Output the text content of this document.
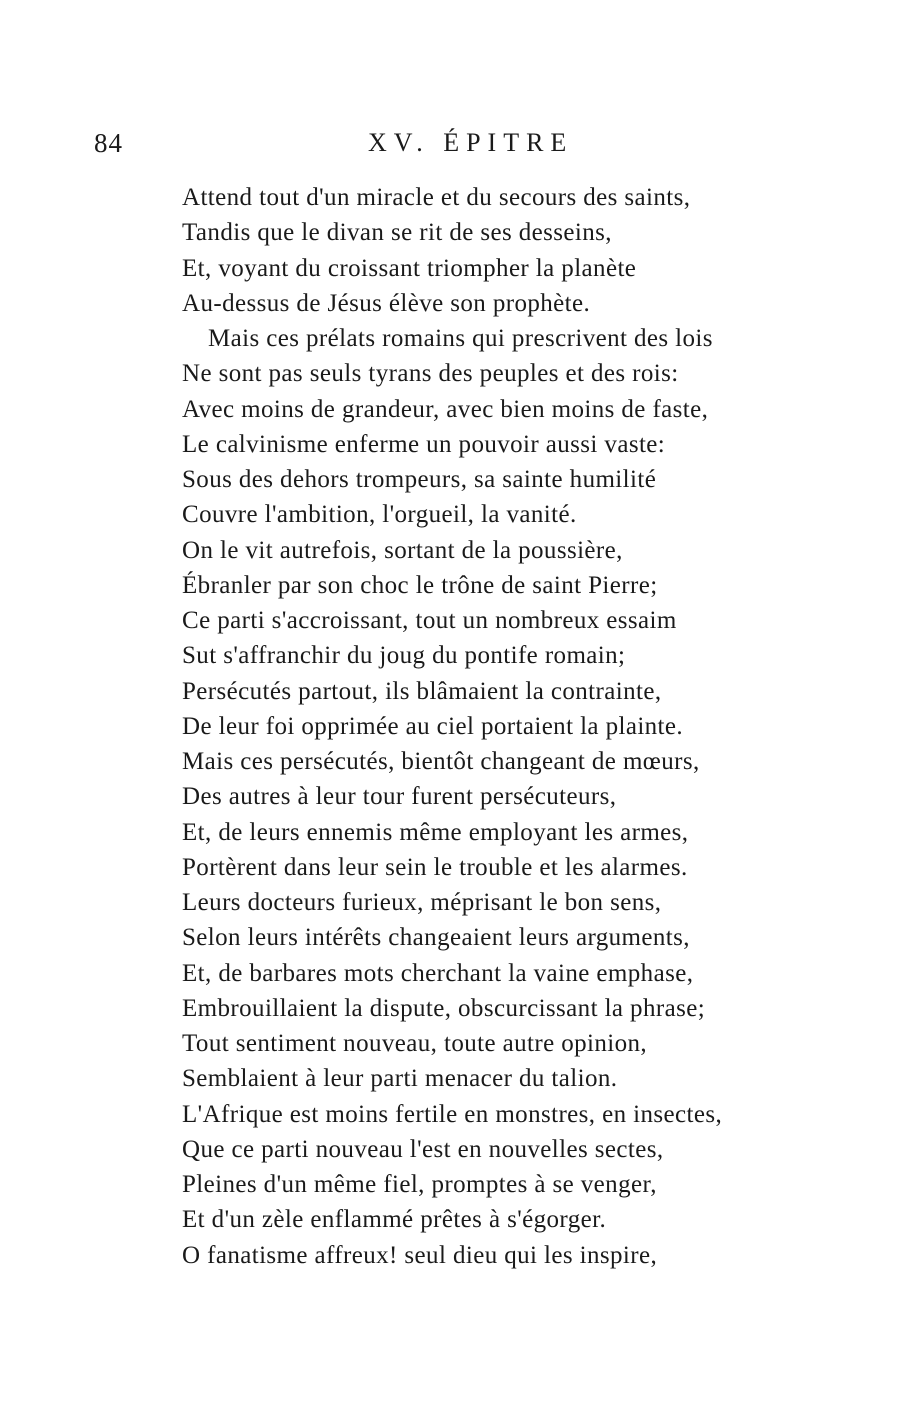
84	XV. ÉPITRE
Attend tout d'un miracle et du secours des saints,
Tandis que le divan se rit de ses desseins,
Et, voyant du croissant triompher la planète
Au-dessus de Jésus élève son prophète.
Mais ces prélats romains qui prescrivent des lois
Ne sont pas seuls tyrans des peuples et des rois:
Avec moins de grandeur, avec bien moins de faste,
Le calvinisme enferme un pouvoir aussi vaste:
Sous des dehors trompeurs, sa sainte humilité
Couvre l'ambition, l'orgueil, la vanité.
On le vit autrefois, sortant de la poussière,
Ébranler par son choc le trône de saint Pierre;
Ce parti s'accroissant, tout un nombreux essaim
Sut s'affranchir du joug du pontife romain;
Persécutés partout, ils blâmaient la contrainte,
De leur foi opprimée au ciel portaient la plainte.
Mais ces persécutés, bientôt changeant de mœurs,
Des autres à leur tour furent persécuteurs,
Et, de leurs ennemis même employant les armes,
Portèrent dans leur sein le trouble et les alarmes.
Leurs docteurs furieux, méprisant le bon sens,
Selon leurs intérêts changeaient leurs arguments,
Et, de barbares mots cherchant la vaine emphase,
Embrouillaient la dispute, obscurcissant la phrase;
Tout sentiment nouveau, toute autre opinion,
Semblaient à leur parti menacer du talion.
L'Afrique est moins fertile en monstres, en insectes,
Que ce parti nouveau l'est en nouvelles sectes,
Pleines d'un même fiel, promptes à se venger,
Et d'un zèle enflammé prêtes à s'égorger.
O fanatisme affreux! seul dieu qui les inspire,
